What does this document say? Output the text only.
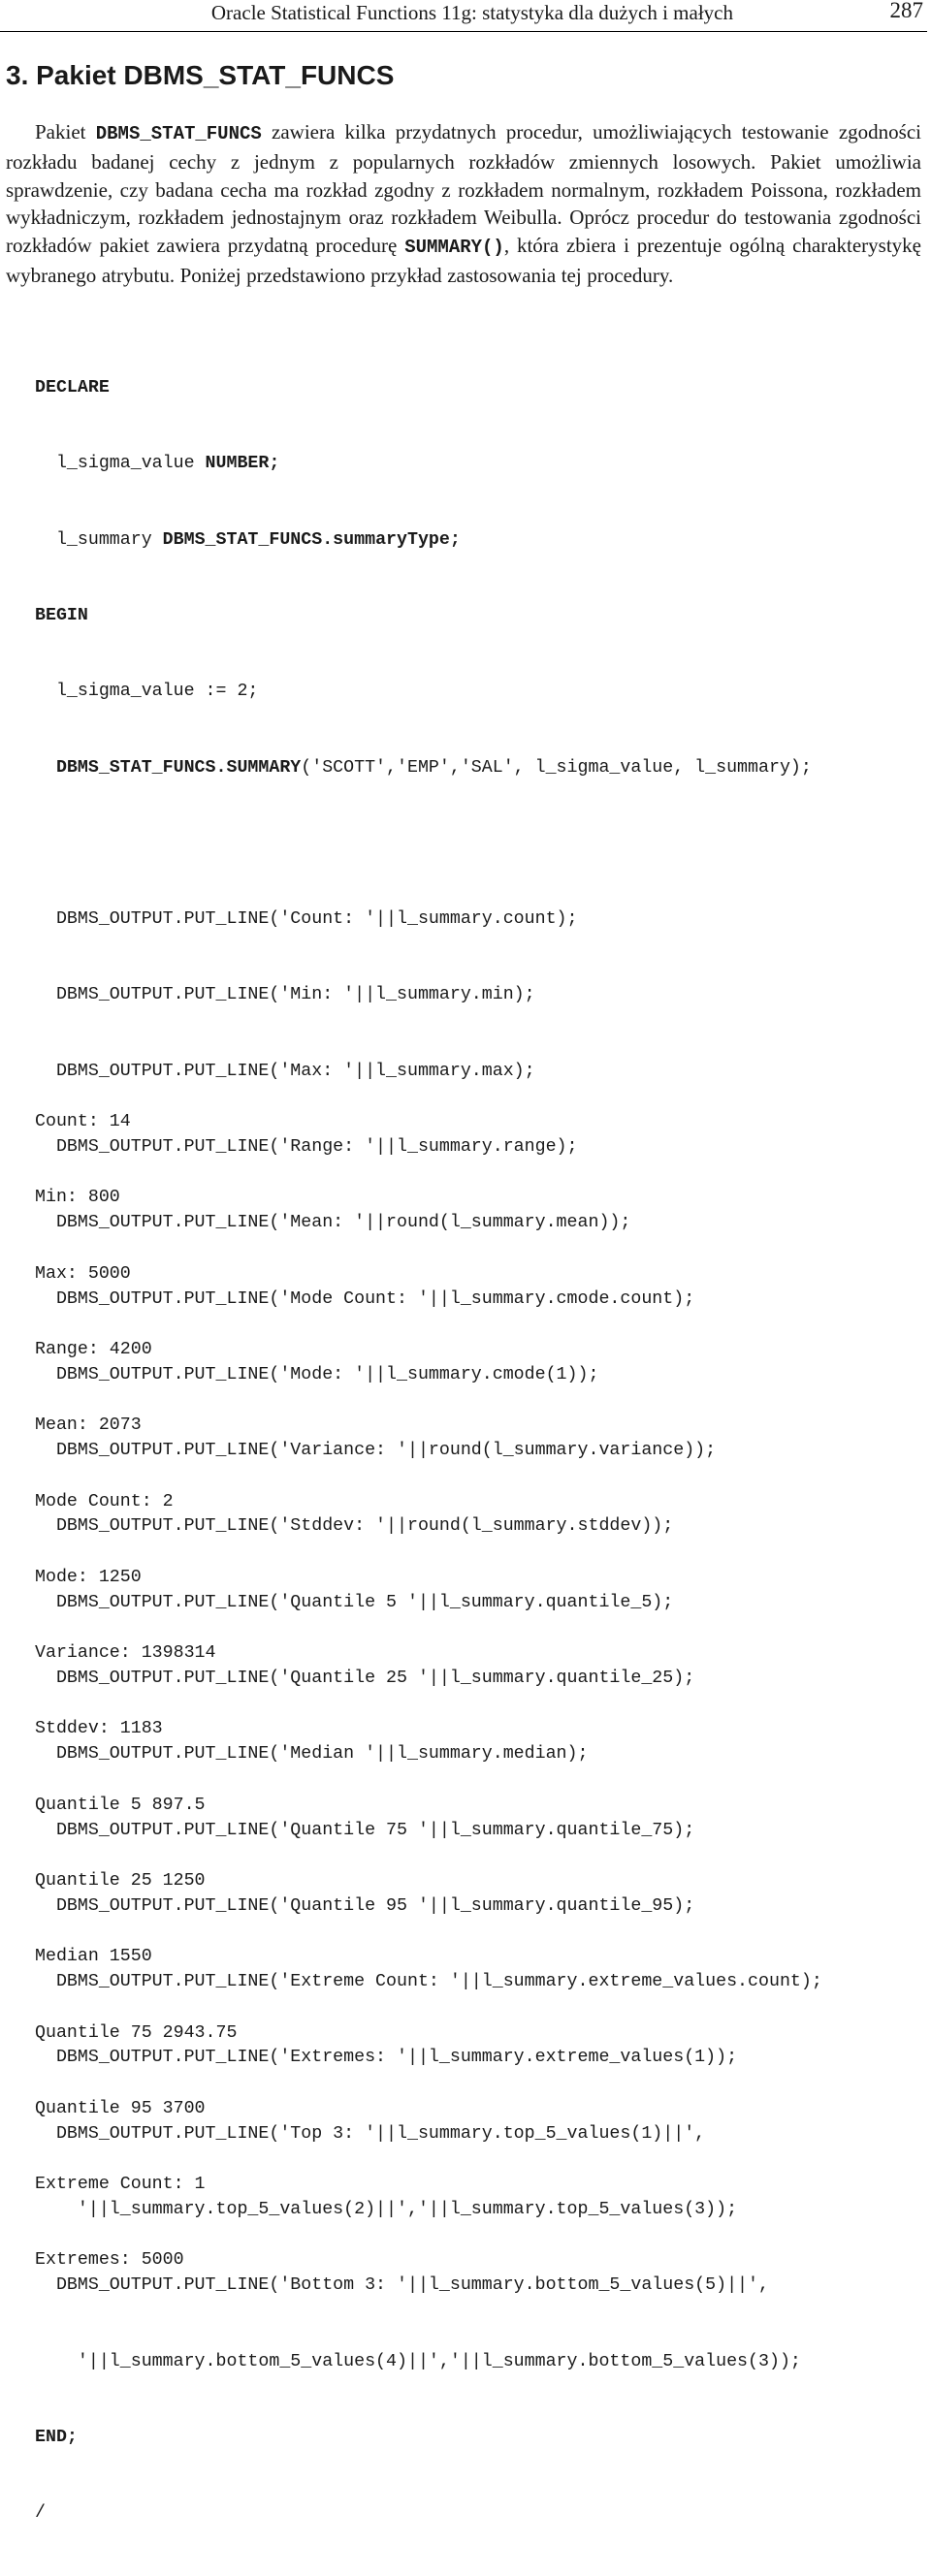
Oracle Statistical Functions 11g: statystyka dla dużych i małych	287
3. Pakiet DBMS_STAT_FUNCS

Pakiet DBMS_STAT_FUNCS zawiera kilka przydatnych procedur, umożliwiających testowanie zgodności rozkładu badanej cechy z jednym z popularnych rozkładów zmiennych losowych. Pakiet umożliwia sprawdzenie, czy badana cecha ma rozkład zgodny z rozkładem normalnym, rozkładem Poissona, rozkładem wykładniczym, rozkładem jednostajnym oraz rozkładem Weibulla. Oprócz procedur do testowania zgodności rozkładów pakiet zawiera przydatną procedurę SUMMARY(), która zbiera i prezentuje ogólną charakterystykę wybranego atrybutu. Poniżej przedstawiono przykład zastosowania tej procedury.

DECLARE

l_sigma_value NUMBER;

l_summary DBMS_STAT_FUNCS.summaryType;

BEGIN

l_sigma_value := 2;

DBMS_STAT_FUNCS.SUMMARY('SCOTT','EMP','SAL', l_sigma_value, l_summary);

DBMS_OUTPUT.PUT_LINE('Count: '||l_summary.count);

DBMS_OUTPUT.PUT_LINE('Min: '||l_summary.min);

DBMS_OUTPUT.PUT_LINE('Max: '||l_summary.max);

DBMS_OUTPUT.PUT_LINE('Range: '||l_summary.range);

DBMS_OUTPUT.PUT_LINE('Mean: '||round(l_summary.mean));

DBMS_OUTPUT.PUT_LINE('Mode Count: '||l_summary.cmode.count);

DBMS_OUTPUT.PUT_LINE('Mode: '||l_summary.cmode(1));

DBMS_OUTPUT.PUT_LINE('Variance: '||round(l_summary.variance));

DBMS_OUTPUT.PUT_LINE('Stddev: '||round(l_summary.stddev));

DBMS_OUTPUT.PUT_LINE('Quantile 5 '||l_summary.quantile_5);

DBMS_OUTPUT.PUT_LINE('Quantile 25 '||l_summary.quantile_25);

DBMS_OUTPUT.PUT_LINE('Median '||l_summary.median);

DBMS_OUTPUT.PUT_LINE('Quantile 75 '||l_summary.quantile_75);

DBMS_OUTPUT.PUT_LINE('Quantile 95 '||l_summary.quantile_95);

DBMS_OUTPUT.PUT_LINE('Extreme Count: '||l_summary.extreme_values.count);

DBMS_OUTPUT.PUT_LINE('Extremes: '||l_summary.extreme_values(1));

DBMS_OUTPUT.PUT_LINE('Top 3: '||l_summary.top_5_values(1)||',

'||l_summary.top_5_values(2)||','||l_summary.top_5_values(3));

DBMS_OUTPUT.PUT_LINE('Bottom 3: '||l_summary.bottom_5_values(5)||',

'||l_summary.bottom_5_values(4)||','||l_summary.bottom_5_values(3));

END;

/

Count: 14

Min: 800

Max: 5000

Range: 4200

Mean: 2073

Mode Count: 2

Mode: 1250

Variance: 1398314

Stddev: 1183

Quantile 5 897.5

Quantile 25 1250

Median 1550

Quantile 75 2943.75

Quantile 95 3700

Extreme Count: 1

Extremes: 5000
